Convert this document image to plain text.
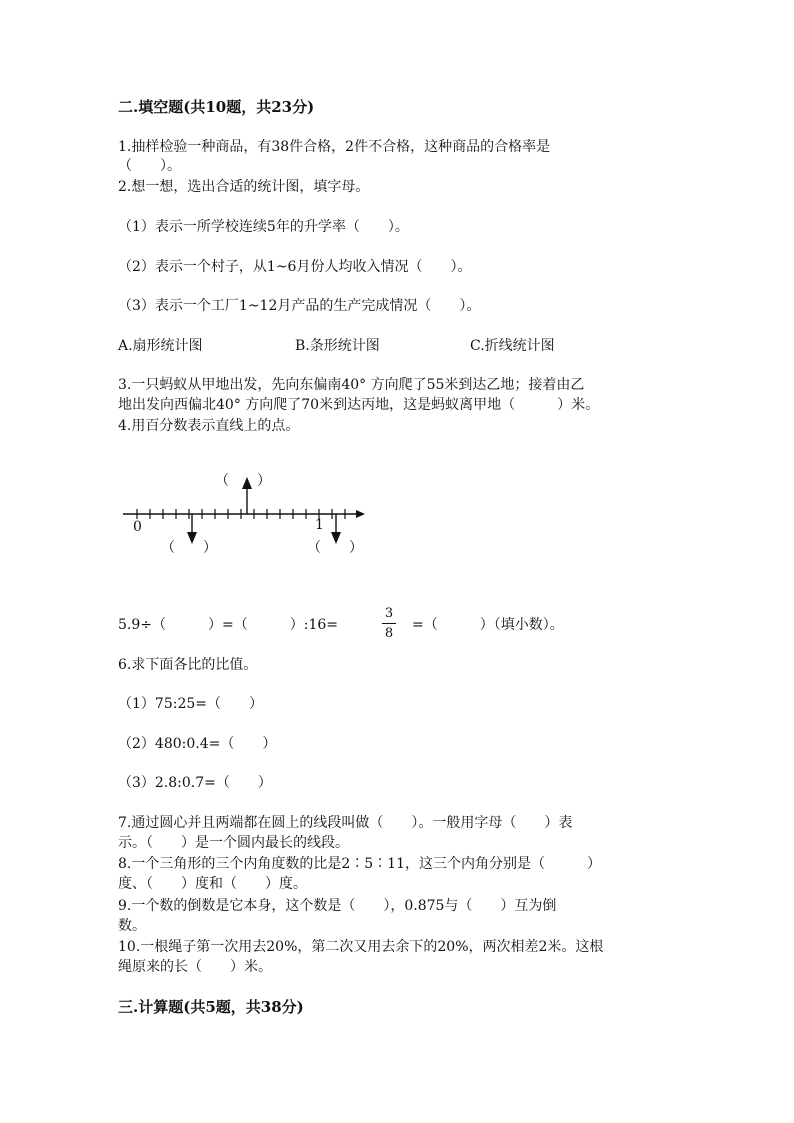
二.填空题(共10题，共23分)
1.抽样检验一种商品，有38件合格，2件不合格，这种商品的合格率是
（　　）。
2.想一想，选出合适的统计图，填字母。
（1）表示一所学校连续5年的升学率（　　）。
（2）表示一个村子，从1~6月份人均收入情况（　　）。
（3）表示一个工厂1~12月产品的生产完成情况（　　）。
A.扇形统计图	B.条形统计图	C.折线统计图
3.一只蚂蚁从甲地出发，先向东偏南40° 方向爬了55米到达乙地；接着由乙
地出发向西偏北40° 方向爬了70米到达丙地，这是蚂蚁离甲地（　　　）米。
4.用百分数表示直线上的点。
0	1
（　　）
（　　）	（　　）
5.9÷（　　　）=（　　　）:16=
3
8
=（　　　）（填小数）。
6.求下面各比的比值。
（1）75:25=（　　）
（2）480:0.4=（　　）
（3）2.8:0.7=（　　）
7.通过圆心并且两端都在圆上的线段叫做（　　）。一般用字母（　　）表
示。（　　）是一个圆内最长的线段。
8.一个三角形的三个内角度数的比是2∶5∶11，这三个内角分别是（　　　）
度、（　　）度和（　　）度。
9.一个数的倒数是它本身，这个数是（　　），0.875与（　　）互为倒
数。
10.一根绳子第一次用去20%，第二次又用去余下的20%，两次相差2米。这根
绳原来的长（　　）米。
三.计算题(共5题，共38分)
